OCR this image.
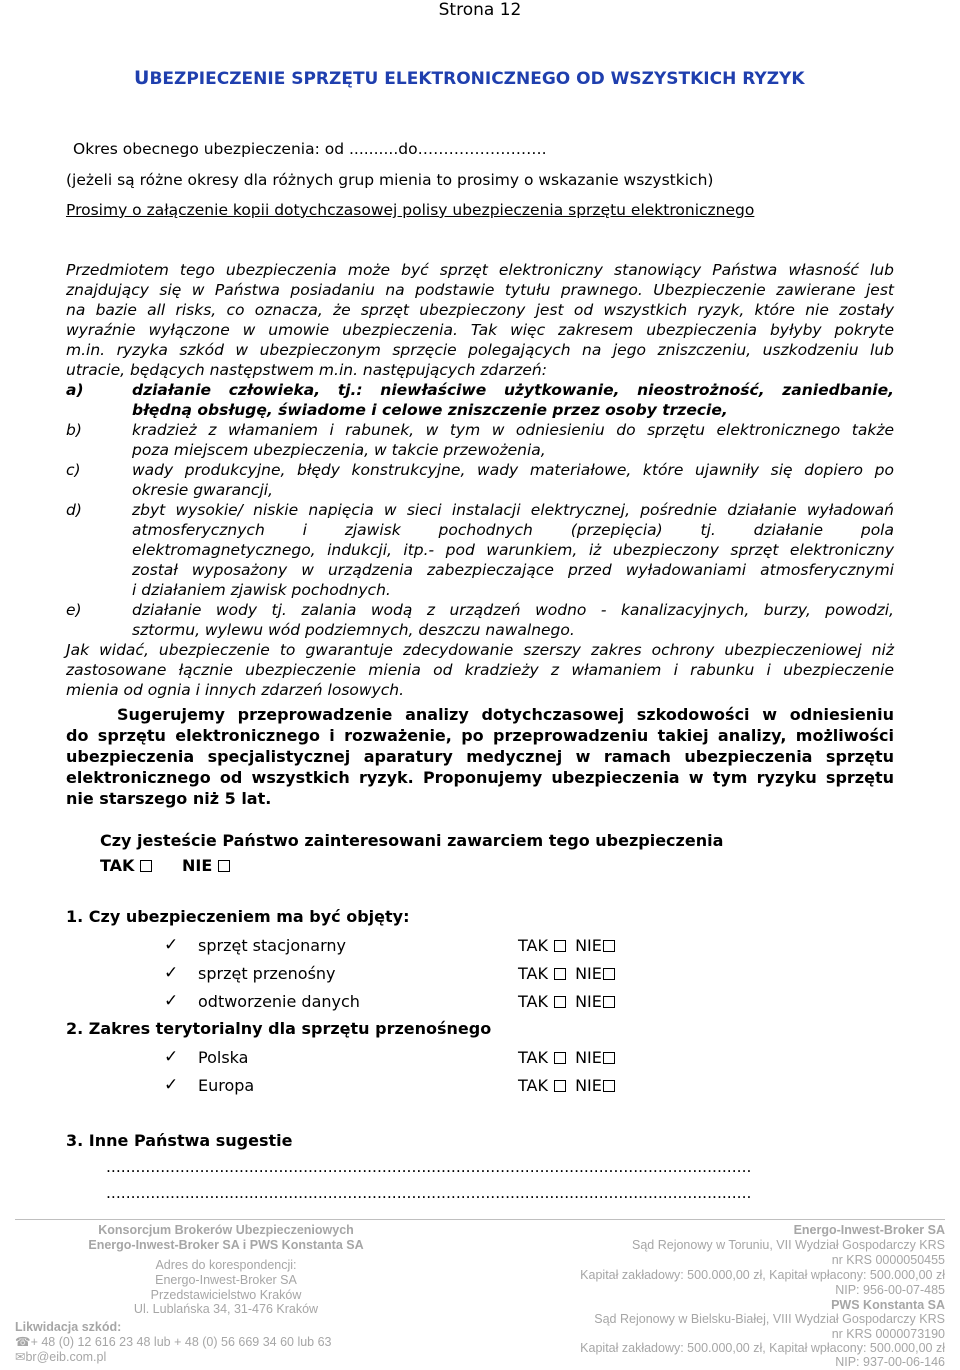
Strona 12
UBEZPIECZENIE SPRZĘTU ELEKTRONICZNEGO OD WSZYSTKICH RYZYK
Okres obecnego ubezpieczenia: od ..........do…………………….
(jeżeli są różne okresy dla różnych grup mienia to prosimy o wskazanie wszystkich)
Prosimy o załączenie kopii dotychczasowej polisy ubezpieczenia sprzętu elektronicznego
Przedmiotem tego ubezpieczenia może być sprzęt elektroniczny stanowiący Państwa własność lub
znajdujący się w Państwa posiadaniu na podstawie tytułu prawnego. Ubezpieczenie zawierane jest
na bazie all risks, co oznacza, że sprzęt ubezpieczony jest od wszystkich ryzyk, które nie zostały
wyraźnie wyłączone w umowie ubezpieczenia. Tak więc zakresem ubezpieczenia byłyby pokryte
m.in. ryzyka szkód w ubezpieczonym sprzęcie polegających na jego zniszczeniu, uszkodzeniu lub
utracie, będących następstwem m.in. następujących zdarzeń:
a)	działanie człowieka, tj.: niewłaściwe użytkowanie, nieostrożność, zaniedbanie,
błędną obsługę, świadome i celowe zniszczenie przez osoby trzecie,
b)	kradzież z włamaniem i rabunek, w tym w odniesieniu do sprzętu elektronicznego także
poza miejscem ubezpieczenia, w takcie przewożenia,
c)	wady produkcyjne, błędy konstrukcyjne, wady materiałowe, które ujawniły się dopiero po
okresie gwarancji,
d)	zbyt wysokie/ niskie napięcia w sieci instalacji elektrycznej, pośrednie działanie wyładowań
atmosferycznych i zjawisk pochodnych (przepięcia) tj. działanie pola
elektromagnetycznego, indukcji, itp.- pod warunkiem, iż ubezpieczony sprzęt elektroniczny
został wyposażony w urządzenia zabezpieczające przed wyładowaniami atmosferycznymi
i działaniem zjawisk pochodnych.
e)	działanie wody tj. zalania wodą z urządzeń wodno - kanalizacyjnych, burzy, powodzi,
sztormu, wylewu wód podziemnych, deszczu nawalnego.
Jak widać, ubezpieczenie to gwarantuje zdecydowanie szerszy zakres ochrony ubezpieczeniowej niż
zastosowane łącznie ubezpieczenie mienia od kradzieży z włamaniem i rabunku i ubezpieczenie
mienia od ognia i innych zdarzeń losowych.
Sugerujemy przeprowadzenie analizy dotychczasowej szkodowości w odniesieniu
do sprzętu elektronicznego i rozważenie, po przeprowadzeniu takiej analizy, możliwości
ubezpieczenia specjalistycznej aparatury medycznej w ramach ubezpieczenia sprzętu
elektronicznego od wszystkich ryzyk. Proponujemy ubezpieczenia w tym ryzyku sprzętu
nie starszego niż 5 lat.
Czy jesteście Państwo zainteresowani zawarciem tego ubezpieczenia
TAK	NIE
1. Czy ubezpieczeniem ma być objęty:
✓ sprzęt stacjonarny	TAK NIE
✓ sprzęt przenośny	TAK NIE
✓ odtworzenie danych	TAK NIE
2. Zakres terytorialny dla sprzętu przenośnego
✓ Polska	TAK NIE
✓ Europa	TAK NIE
3. Inne Państwa sugestie
...................................................................................................................................
...................................................................................................................................
Konsorcjum Brokerów Ubezpieczeniowych
Energo-Inwest-Broker SA i PWS Konstanta SA
Adres do korespondencji:
Energo-Inwest-Broker SA
Przedstawicielstwo Kraków
Ul. Lublańska 34, 31-476 Kraków
Likwidacja szkód:
☎+ 48 (0) 12 616 23 48 lub + 48 (0) 56 669 34 60 lub 63
✉br@eib.com.pl
Energo-Inwest-Broker SA
Sąd Rejonowy w Toruniu, VII Wydział Gospodarczy KRS
nr KRS 0000050455
Kapitał zakładowy: 500.000,00 zł, Kapitał wpłacony: 500.000,00 zł
NIP: 956-00-07-485
PWS Konstanta SA
Sąd Rejonowy w Bielsku-Białej, VIII Wydział Gospodarczy KRS
nr KRS 0000073190
Kapitał zakładowy: 500.000,00 zł, Kapitał wpłacony: 500.000,00 zł
NIP: 937-00-06-146
